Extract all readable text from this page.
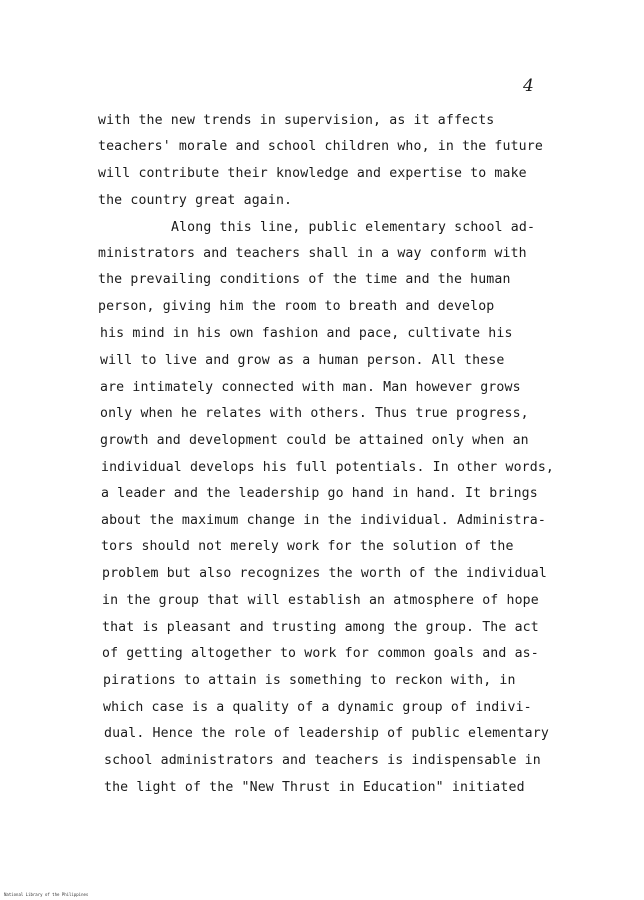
4
with the new trends in supervision, as it affects
teachers' morale and school children who, in the future
will contribute their knowledge and expertise to make
the country great again.
Along this line, public elementary school ad-
ministrators and teachers shall in a way conform with
the prevailing conditions of the time and the human
person, giving him the room to breath and develop
his mind in his own fashion and pace, cultivate his
will to live and grow as a human person. All these
are intimately connected with man. Man however grows
only when he relates with others. Thus true progress,
growth and development could be attained only when an
individual develops his full potentials. In other words,
a leader and the leadership go hand in hand. It brings
about the maximum change in the individual. Administra-
tors should not merely work for the solution of the
problem but also recognizes the worth of the individual
in the group that will establish an atmosphere of hope
that is pleasant and trusting among the group. The act
of getting altogether to work for common goals and as-
pirations to attain is something to reckon with, in
which case is a quality of a dynamic group of indivi-
dual. Hence the role of leadership of public elementary
school administrators and teachers is indispensable in
the light of the "New Thrust in Education" initiated
National Library of the Philippines
